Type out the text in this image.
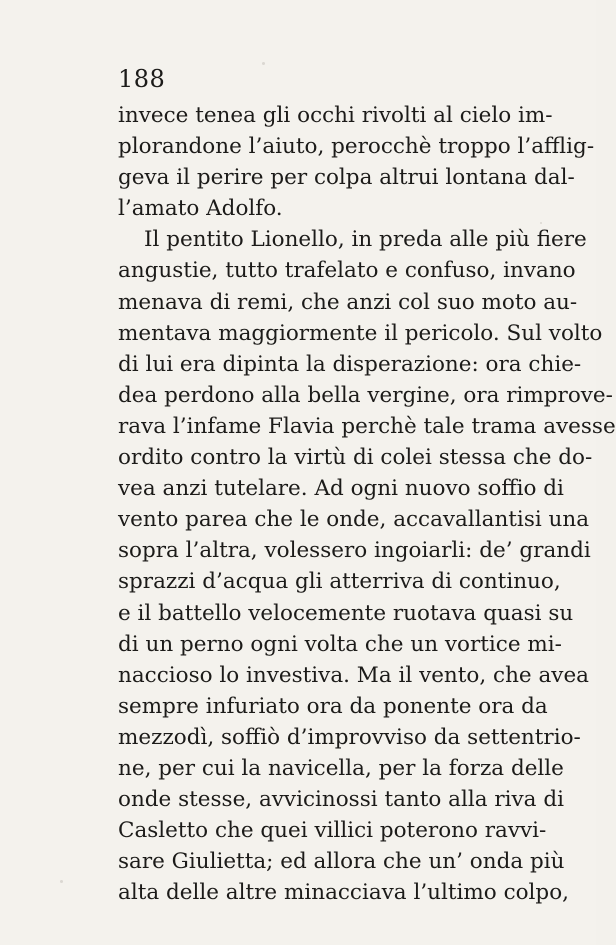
188
invece tenea gli occhi rivolti al cielo im-
plorandone l’aiuto, perocchè troppo l’afflig-
geva il perire per colpa altrui lontana dal-
l’amato Adolfo.
Il pentito Lionello, in preda alle più fiere
angustie, tutto trafelato e confuso, invano
menava di remi, che anzi col suo moto au-
mentava maggiormente il pericolo. Sul volto
di lui era dipinta la disperazione: ora chie-
dea perdono alla bella vergine, ora rimprove-
rava l’infame Flavia perchè tale trama avesse
ordito contro la virtù di colei stessa che do-
vea anzi tutelare. Ad ogni nuovo soffio di
vento parea che le onde, accavallantisi una
sopra l’altra, volessero ingoiarli: de’ grandi
sprazzi d’acqua gli atterriva di continuo,
e il battello velocemente ruotava quasi su
di un perno ogni volta che un vortice mi-
naccioso lo investiva. Ma il vento, che avea
sempre infuriato ora da ponente ora da
mezzodì, soffiò d’improvviso da settentrio-
ne, per cui la navicella, per la forza delle
onde stesse, avvicinossi tanto alla riva di
Casletto che quei villici poterono ravvi-
sare Giulietta; ed allora che un’ onda più
alta delle altre minacciava l’ultimo colpo,
